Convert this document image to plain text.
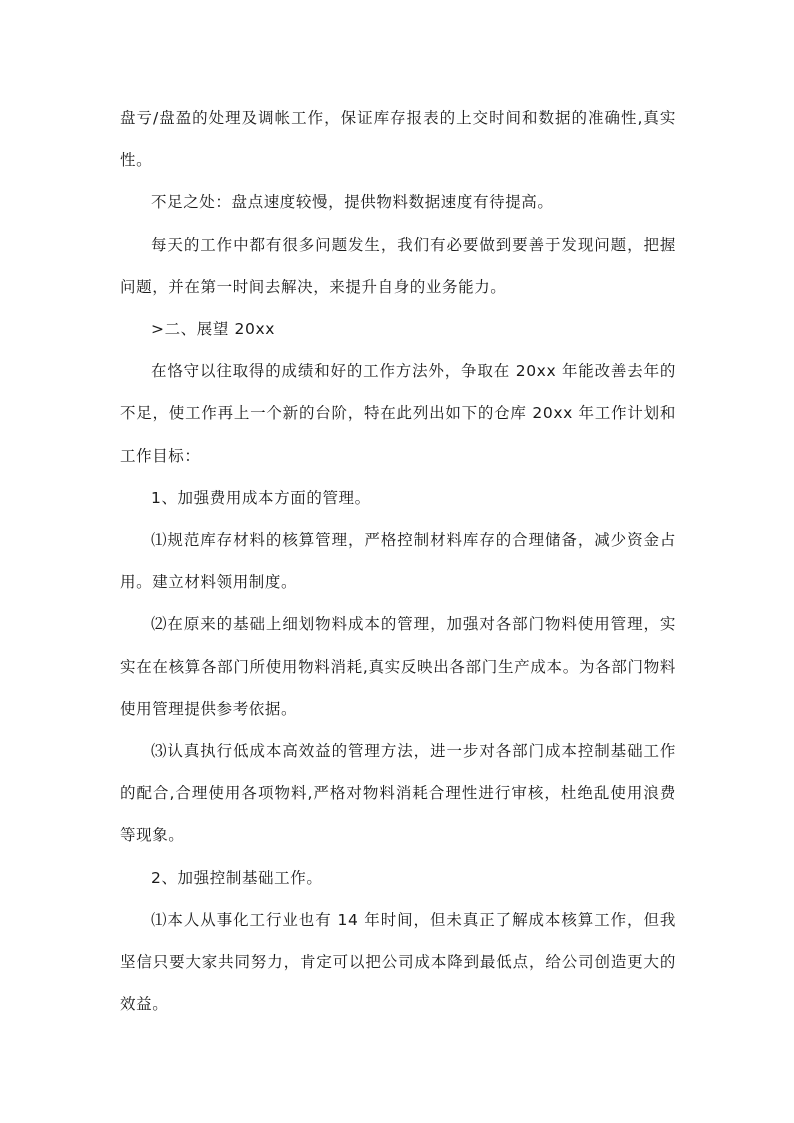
盘亏/盘盈的处理及调帐工作，保证库存报表的上交时间和数据的准确性,真实性。

不足之处：盘点速度较慢，提供物料数据速度有待提高。

每天的工作中都有很多问题发生，我们有必要做到要善于发现问题，把握问题，并在第一时间去解决，来提升自身的业务能力。

>二、展望 20xx

在恪守以往取得的成绩和好的工作方法外，争取在 20xx 年能改善去年的不足，使工作再上一个新的台阶，特在此列出如下的仓库 20xx 年工作计划和工作目标：

1、加强费用成本方面的管理。

⑴规范库存材料的核算管理，严格控制材料库存的合理储备，减少资金占用。建立材料领用制度。

⑵在原来的基础上细划物料成本的管理，加强对各部门物料使用管理，实实在在核算各部门所使用物料消耗,真实反映出各部门生产成本。为各部门物料使用管理提供参考依据。

⑶认真执行低成本高效益的管理方法，进一步对各部门成本控制基础工作的配合,合理使用各项物料,严格对物料消耗合理性进行审核，杜绝乱使用浪费等现象。

2、加强控制基础工作。

⑴本人从事化工行业也有 14 年时间，但未真正了解成本核算工作，但我坚信只要大家共同努力，肯定可以把公司成本降到最低点，给公司创造更大的效益。
